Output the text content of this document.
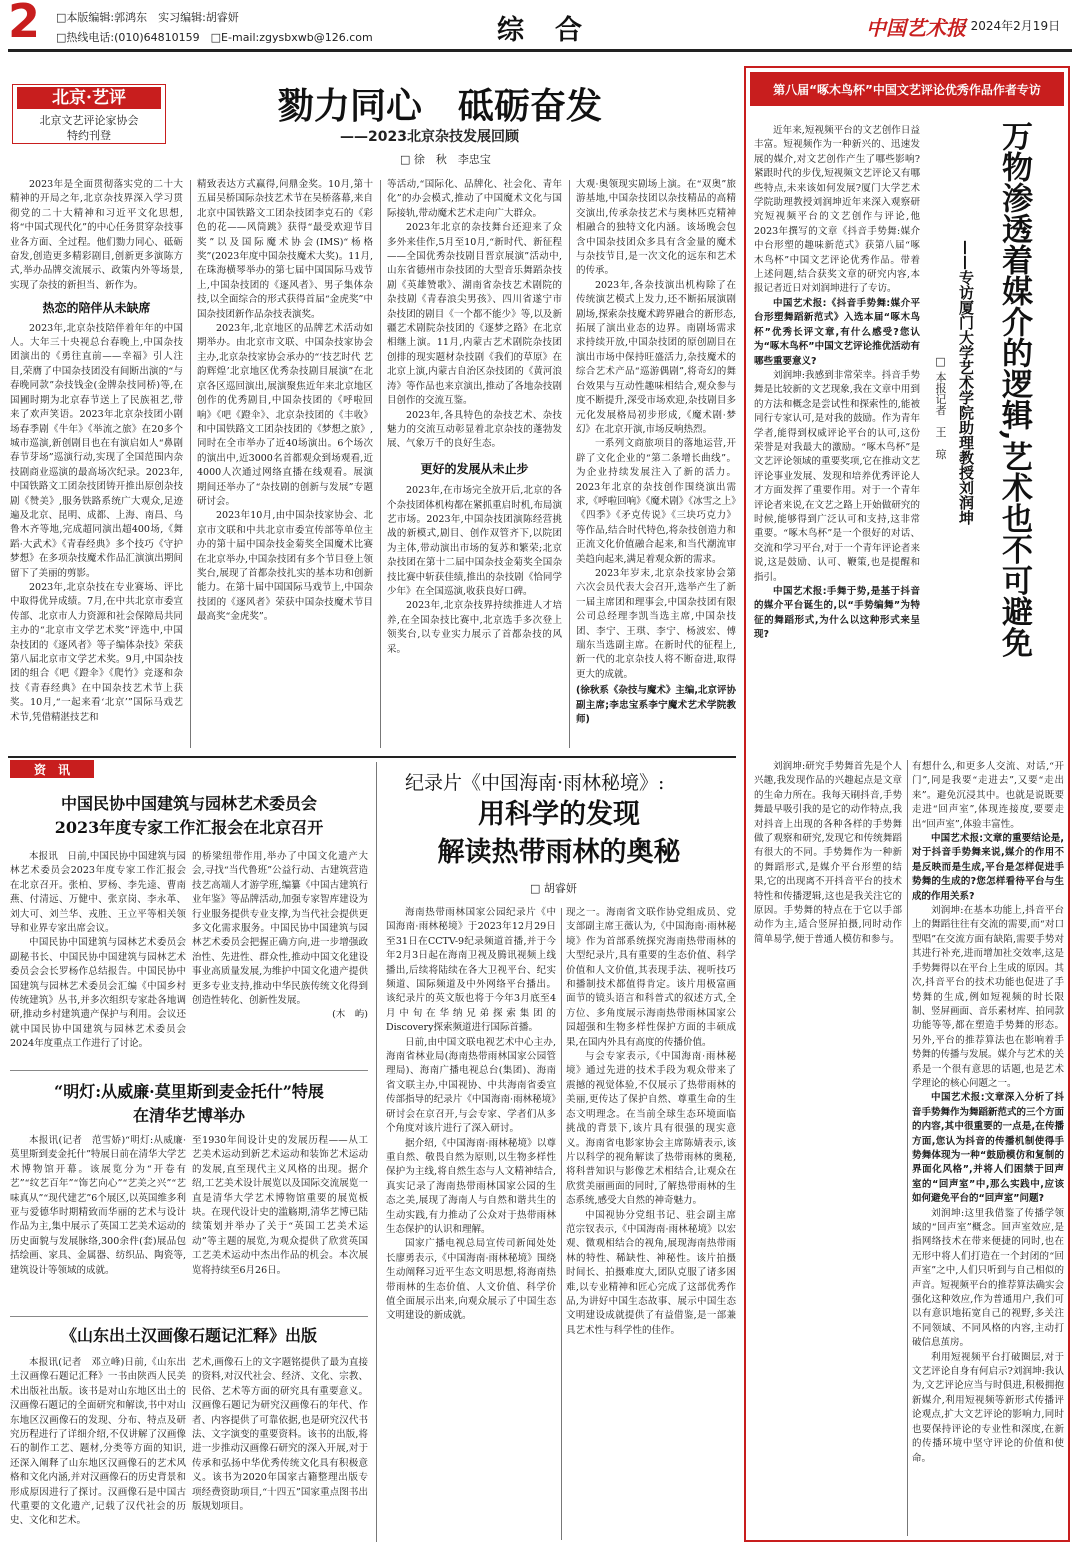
2 □本版编辑:郭鸿东　实习编辑:胡睿妍
□热线电话:(010)64810159　□E-mail:zgysbxwb@126.com	综　合	中国艺术报
· 2024年2月19日
北京·艺评
北京文艺评论家协会
特约刊登
勠力同心　砥砺奋发
——2023北京杂技发展回顾
□ 徐　秋　李忠宝

2023年是全面贯彻落实党的二十大精神的开局之年,北京杂技界深入学习贯彻党的二十大精神和习近平文化思想,将“中国式现代化”的中心任务贯穿杂技事业各方面、全过程。他们勠力同心、砥砺奋发,创造更多精彩剧目,创新更多演陈方式,举办品牌交流展示、政策内外等场景,实现了杂技的新担当、新作为。

热恋的陪伴从未缺席

2023年,北京杂技陪伴着年年的中国人。大年三十央视总台春晚上,中国杂技团演出的《勇往直前——幸福》引人注目,荣膺了中国杂技团没有间断出演的“与春晚同款”杂技钱金(金牌杂技同桥)等,在国圃时期为北京春节送上了民族祖艺,带来了欢声笑语。2023年北京杂技团小剧场春季剧《牛年》《举流之旅》在20多个城市巡演,新创剧目也在有演启如人“鼻剧春节芽场”巡演行动,实现了全国范围内杂技剧商业巡演的最高场次纪录。2023年,中国铁路文工团杂技团铸开推出原创杂技剧《赞美》,服务铁路系统广大观众,足迹遍及北京、昆明、成都、上海、南昌、乌鲁木齐等地,完成超同演出超400场,《舞蹈·大武术》《青春经典》多个技巧《守护梦想》在多项杂技魔术作品汇演演出期间留下了美丽的剪影。

2023年,北京杂技在专业赛场、评比中取得优异成绩。7月,在中共北京市委宣传部、北京市人力资源和社会保障局共同主办的“北京市文学艺术奖”评选中,中国杂技团的《逐风者》等子编体杂技》荣获第八届北京市文学艺术奖。9月,中国杂技团的组合《吧《蹬伞》《爬竹》竞逐和杂技《青春经典》在中国杂技艺术节上获奖。10月,“一起来看‘北京’”国际马戏艺术节,凭借精湛技艺和

精致表达方式赢得,问鼎金奖。10月,第十五届吴桥国际杂技艺术节在吴桥落幕,来自北京中国铁路文工团杂技团李克石的《彩色的花——风筒跳》获得“最受欢迎节目奖”以及国际魔术协会(IMS)“杨格奖”(2023年度中国杂技魔术大奖)。11月,在珠海横琴举办的第七届中国国际马戏节上,中国杂技团的《逐风者》、男子集体杂技,以全面综合的形式获得首届“金虎奖”中国杂技团新作品杂技表演奖。

2023年,北京地区的品牌艺术活动如期举办。由北京市文联、中国杂技家协会主办,北京杂技家协会承办的“‘技艺时代 艺韵辉煌’北京地区优秀杂技剧目展演”在北京各区巡回演出,展演聚焦近年来北京地区创作的优秀剧目,中国杂技团的《呼啦回响》《吧《蹬伞》、北京杂技团的《丰收》和中国铁路文工团杂技团的《梦想之旅》,同时在全市举办了近40场演出。6个场次的演出中,近3000名首都观众到场观看,近4000人次通过网络直播在线观看。展演期间还举办了“杂技剧的创新与发展”专题研讨会。

2023年10月,由中国杂技家协会、北京市文联和中共北京市委宣传部等单位主办的第十届中国杂技金菊奖全国魔术比赛在北京举办,中国杂技团有多个节目登上领奖台,展现了首都杂技扎实的基本功和创新能力。在第十届中国国际马戏节上,中国杂技团的《逐风者》荣获中国杂技魔术节目最高奖“金虎奖”。

等活动,“国际化、品牌化、社会化、青年化”的办会模式,推动了中国魔术文化与国际接轨,带动魔术艺术走向广大群众。

2023年北京的杂技舞台还迎来了众多外来佳作,5月至10月,“新时代、新征程——全国优秀杂技剧目晋京展演”活动中,山东省德州市杂技团的大型音乐舞蹈杂技剧《英雄赞歌》、湖南省杂技艺术剧院的杂技剧《青春浪尖男孩》、四川省遂宁市杂技团的剧目《一个都不能少》等,以及新疆艺术剧院杂技团的《逐梦之路》在北京相继上演。11月,内蒙古艺术剧院杂技团创排的现实题材杂技剧《我们的草原》在北京上演,内蒙古自治区杂技团的《黄河浪涛》等作品也来京演出,推动了各地杂技剧目创作的交流互鉴。

2023年,各具特色的杂技艺术、杂技魅力的交流互动彰显着北京杂技的蓬勃发展、气象万千的良好生态。

更好的发展从未止步

2023年,在市场完全放开后,北京的各个杂技团体机构都在紧抓重启时机,布局演艺市场。2023年,中国杂技团演陈经营挑战的新模式,剧目、创作双管齐下,以院团为主体,带动演出市场的复苏和繁荣;北京杂技团在第十二届中国杂技金菊奖全国杂技比赛中斩获佳绩,推出的杂技剧《恰同学少年》在全国巡演,收获良好口碑。

2023年,北京杂技界持续推进人才培养,在全国杂技比赛中,北京选手多次登上领奖台,以专业实力展示了首都杂技的风采。

大观·奥领现实剧场上演。在“双奥”旅游基地,中国杂技团以杂技精品的高精交演出,传承杂技艺术与奥林匹克精神相融合的独特文化内涵。该场晚会包含中国杂技团众多具有含金量的魔术与杂技节目,是一次文化的远东和艺术的传承。

2023年,各杂技演出机构除了在传统演艺模式上发力,还不断拓展演剧剧场,探索杂技魔术跨界融合的新形态,拓展了演出业态的边界。南剧场需求求持续开放,中国杂技团的原创剧目在演出市场中保持旺盛活力,杂技魔术的综合艺术产品“巡游偶剧”,将奇幻的舞台效果与互动性趣味相结合,观众参与度不断提升,深受市场欢迎,杂技剧目多元化发展格局初步形成,《魔术剧·梦幻》在北京开演,市场反响热烈。

一系列文商旅项目的落地运营,开辟了文化企业的“第二条增长曲线”。为企业持续发展注入了新的活力。2023年北京的杂技创作围绕演出需求,《呼啦回响》《魔术剧》《冰雪之上》《四季》《矛克传说》《三块巧克力》等作品,结合时代特色,将杂技创造力和正流文化价值融合起来,和当代潮流审美趋向起来,满足着观众新的需求。

2023年岁末,北京杂技家协会第六次会员代表大会召开,选举产生了新一届主席团和理事会,中国杂技团有限公司总经理李凯当选主席,中国杂技团、李宁、王琪、李宁、杨波宏、傅瑞东当选副主席。在新时代的征程上,新一代的北京杂技人将不断奋进,取得更大的成就。

(徐秋系《杂技与魔术》主编,北京评协副主席;李忠宝系李宁魔术艺术学院教师)

资　讯
中国民协中国建筑与园林艺术委员会
2023年度专家工作汇报会在北京召开

本报讯　日前,中国民协中国建筑与园林艺术委员会2023年度专家工作汇报会在北京召开。张柏、罗杨、李先逵、曹南燕、付清远、万健中、张京岗、李永革、刘大可、刘兰华、戎胜、王立平等相关领导和业界专家出席会议。

中国民协中国建筑与园林艺术委员会副秘书长、中国民协中国建筑与园林艺术委员会会长罗杨作总结报告。中国民协中国建筑与园林艺术委员会汇编《中国乡村传统建筑》丛书,并多次组织专家赴各地调研,推动乡村建筑遗产保护与利用。会议还就中国民协中国建筑与园林艺术委员会2024年度重点工作进行了讨论。

的桥梁纽带作用,举办了中国文化遗产大会,寻找“当代鲁班”公益行动、古建筑营造技艺高端人才游学班,编纂《中国古建筑行业年鉴》等品牌活动,加强专家智库建设为行业服务提供专业支撑,为当代社会提供更多文化需求服务。中国民协中国建筑与园林艺术委员会把握正确方向,进一步增强政治性、先进性、群众性,推动中国文化建设事业高质量发展,为维护中国文化遗产提供更多专业支持,推动中华民族传统文化得到创造性转化、创新性发展。

(木　屿)

“明灯:从威廉·莫里斯到麦金托什”特展
在清华艺博举办

本报讯(记者　范雪娇)“明灯:从威廉·莫里斯到麦金托什”特展日前在清华大学艺术博物馆开幕。该展览分为“开卷有艺”“纹艺百年”“饰艺向心”“艺美之兴”“艺味真从”“现代建艺”6个展区,以英国维多利亚与爱德华时期精致而华丽的艺术与设计作品为主,集中展示了英国工艺美术运动的历史面貌与发展脉络,300余件(套)展品包括绘画、家具、金属器、纺织品、陶瓷等,建筑设计等领域的成就。

至1930年间设计史的发展历程——从工艺美术运动到新艺术运动和装饰艺术运动的发展,直至现代主义风格的出现。据介绍,工艺美术设计展览以及国际交流展览一直是清华大学艺术博物馆重要的展览板块。在现代设计史的滥觞期,清华艺博已陆续策划并举办了关于“英国工艺美术运动”等主题的展览,为观众提供了欣赏英国工艺美术运动中杰出作品的机会。本次展览将持续至6月26日。

《山东出土汉画像石题记汇释》出版

本报讯(记者　邓立峰)日前,《山东出土汉画像石题记汇释》一书由陕西人民美术出版社出版。该书是对山东地区出土的汉画像石题记的全面研究和解读,书中对山东地区汉画像石的发现、分布、特点及研究历程进行了详细介绍,不仅讲解了汉画像石的制作工艺、题材,分类等方面的知识,还深入阐释了山东地区汉画像石的艺术风格和文化内涵,并对汉画像石的历史背景和形成原因进行了探讨。汉画像石是中国古代重要的文化遗产,记载了汉代社会的历史、文化和艺术。

艺术,画像石上的文字题铭提供了最为直接的资料,对汉代社会、经济、文化、宗教、民俗、艺术等方面的研究具有重要意义。汉画像石题记为研究汉画像石的年代、作者、内容提供了可靠依据,也是研究汉代书法、文字演变的重要资料。该书的出版,将进一步推动汉画像石研究的深入开展,对于传承和弘扬中华优秀传统文化具有积极意义。该书为2020年国家古籍整理出版专项经费资助项目,“十四五”国家重点图书出版规划项目。

纪录片《中国海南·雨林秘境》:
用科学的发现
解读热带雨林的奥秘
□ 胡睿妍

海南热带雨林国家公园纪录片《中国海南·雨林秘境》于2023年12月29日至31日在CCTV-9纪录频道首播,并于今年2月3日起在海南卫视及腾讯视频上线播出,后续将陆续在各大卫视平台、纪实频道、国际频道及中外网络平台播出。该纪录片的英文版也将于今年3月底至4月中旬在华纳兄弟探索集团的Discovery探索频道进行国际首播。

日前,由中国文联电视艺术中心主办,海南省林业局(海南热带雨林国家公园管理局)、海南广播电视总台(集团)、海南省文联主办,中国视协、中共海南省委宣传部指导的纪录片《中国海南·雨林秘境》研讨会在京召开,与会专家、学者们从多个角度对该片进行了深入研讨。

据介绍,《中国海南·雨林秘境》以尊重自然、敬畏自然为原则,以生物多样性保护为主线,将自然生态与人文精神结合,真实记录了海南热带雨林国家公园的生态之美,展现了海南人与自然和谐共生的生动实践,有力推动了公众对于热带雨林生态保护的认识和理解。

国家广播电视总局宣传司新闻处处长廖勇表示,《中国海南·雨林秘境》围绕生动阐释习近平生态文明思想,将海南热带雨林的生态价值、人文价值、科学价值全面展示出来,向观众展示了中国生态文明建设的新成就。

现之一。海南省文联作协党组成员、党支部副主席王薇认为,《中国海南·雨林秘境》作为首部系统探究海南热带雨林的大型纪录片,具有重要的生态价值、科学价值和人文价值,其表现手法、视听技巧和播制技术都值得肯定。该片用极富画面节的镜头语言和科普式的叙述方式,全方位、多角度展示海南热带雨林国家公园超强和生物多样性保护方面的丰硕成果,在国内外具有高度的传播价值。

与会专家表示,《中国海南·雨林秘境》通过先进的技术手段为观众带来了震撼的视觉体验,不仅展示了热带雨林的美丽,更传达了保护自然、尊重生命的生态文明理念。在当前全球生态环境面临挑战的背景下,该片具有很强的现实意义。海南省电影家协会主席陈婧表示,该片以科学的视角解读了热带雨林的奥秘,将科普知识与影像艺术相结合,让观众在欣赏美丽画面的同时,了解热带雨林的生态系统,感受大自然的神奇魅力。

中国视协分党组书记、驻会副主席范宗钗表示,《中国海南·雨林秘境》以宏观、微观相结合的视角,展现海南热带雨林的特性、稀缺性、神秘性。该片拍摄时间长、拍摄难度大,团队克服了诸多困难,以专业精神和匠心完成了这部优秀作品,为讲好中国生态故事、展示中国生态文明建设成就提供了有益借鉴,是一部兼具艺术性与科学性的佳作。

第八届“啄木鸟杯”中国文艺评论优秀作品作者专访
万物渗透着媒介的逻辑,艺术也不可避免
——专访厦门大学艺术学院助理教授刘润坤
□ 本报记者　王　琼

近年来,短视频平台的文艺创作日益丰富。短视频作为一种新兴的、迅速发展的媒介,对文艺创作产生了哪些影响?紧跟时代的步伐,短视频文艺评论又有哪些特点,未来该如何发展?厦门大学艺术学院助理教授刘润坤近年来深入观察研究短视频平台的文艺创作与评论,他2023年撰写的文章《抖音手势舞:媒介中台形塑的趣味新范式》获第八届“啄木鸟杯”中国文艺评论优秀作品。带着上述问题,结合获奖文章的研究内容,本报记者近日对刘润坤进行了专访。

中国艺术报:《抖音手势舞:媒介平台形塑舞蹈新范式》入选本届“啄木鸟杯”优秀长评文章,有什么感受?您认为“啄木鸟杯”中国文艺评论推优活动有哪些重要意义?

刘润坤:我感到非常荣幸。抖音手势舞是比较新的文艺现象,我在文章中用到的方法和概念是尝试性和探索性的,能被同行专家认可,是对我的鼓励。作为青年学者,能得到权威评论平台的认可,这份荣誉是对我最大的激励。“啄木鸟杯”是文艺评论领域的重要奖项,它在推动文艺评论事业发展、发现和培养优秀评论人才方面发挥了重要作用。对于一个青年评论者来说,在文艺之路上开始做研究的时候,能够得到广泛认可和支持,这非常重要。“啄木鸟杯”是一个很好的对话、交流和学习平台,对于一个青年评论者来说,这是鼓励、认可、鞭策,也是提醒和指引。

中国艺术报:手舞于势,是基于抖音的媒介平台诞生的,以“手势编舞”为特征的舞蹈形式,为什么以这种形式来呈现?

刘润坤:研究手势舞首先是个人兴趣,我发现作品的兴趣起点是文章的生命力所在。我每天刷抖音,手势舞最早吸引我的是它的动作特点,我对抖音上出现的各种各样的手势舞做了观察和研究,发现它和传统舞蹈有很大的不同。手势舞作为一种新的舞蹈形式,是媒介平台形塑的结果,它的出现离不开抖音平台的技术特性和传播逻辑,这也是我关注它的原因。手势舞的特点在于它以手部动作为主,适合竖屏拍摄,同时动作简单易学,便于普通人模仿和参与。

有想什么,和更多人交流、对话,“开门”,同是我要“走进去”,又要“走出来”。避免沉浸其中。也就是说既要走进“回声室”,体现连接度,要要走出“回声室”,体验丰富性。

中国艺术报:文章的重要结论是,对于抖音手势舞来说,媒介的作用不是反映而是生成,平台是怎样促进手势舞的生成的?您怎样看待平台与生成的作用关系?

刘润坤:在基本功能上,抖音平台上的舞蹈往往有交流的需要,而“对口型唱”在交流方面有缺陷,需要手势对其进行补充,进而增加社交效率,这是手势舞得以在平台上生成的原因。其次,抖音平台的技术功能也促进了手势舞的生成,例如短视频的时长限制、竖屏画面、音乐素材库、拍同款功能等等,都在塑造手势舞的形态。另外,平台的推荐算法也在影响着手势舞的传播与发展。媒介与艺术的关系是一个很有意思的话题,也是艺术学理论的核心问题之一。

中国艺术报:文章深入分析了抖音手势舞作为舞蹈新范式的三个方面的内容,其中很重要的一点是,在传播方面,您认为抖音的传播机制使得手势舞体现为一种“鼓励模仿和复制的界面化风格”,并将人们困禁于回声室的“回声室”中,那么实践中,应该如何避免平台的“回声室”问题?

刘润坤:这里我借鉴了传播学领域的“回声室”概念。回声室效应,是指网络技术在带来便捷的同时,也在无形中将人们打造在一个封闭的“回声室”之中,人们只听到与自己相似的声音。短视频平台的推荐算法确实会强化这种效应,作为普通用户,我们可以有意识地拓宽自己的视野,多关注不同领域、不同风格的内容,主动打破信息茧房。

利用短视频平台打破圈层,对于文艺评论自身有何启示?刘润坤:我认为,文艺评论应当与时俱进,积极拥抱新媒介,利用短视频等新形式传播评论观点,扩大文艺评论的影响力,同时也要保持评论的专业性和深度,在新的传播环境中坚守评论的价值和使命。
